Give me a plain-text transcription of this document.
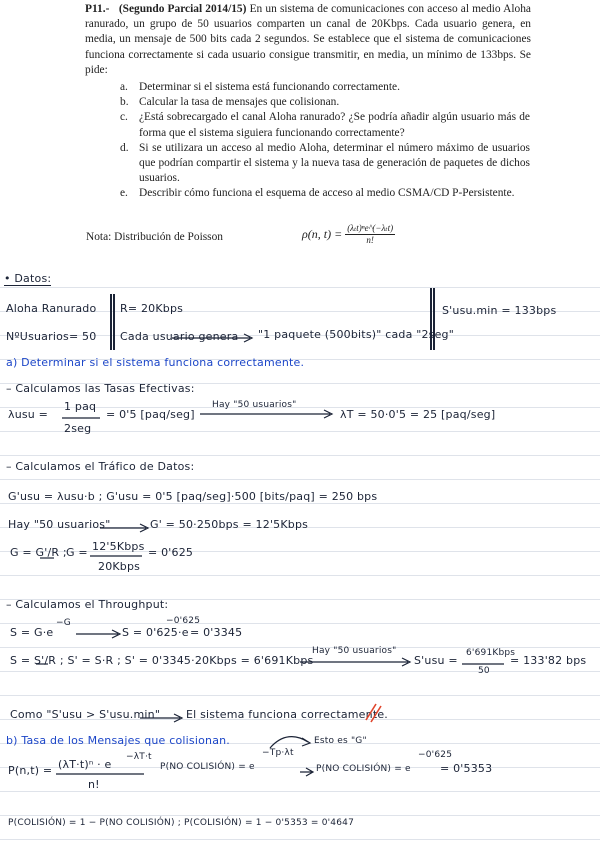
P11.- (Segundo Parcial 2014/15) En un sistema de comunicaciones con acceso al medio Aloha ranurado, un grupo de 50 usuarios comparten un canal de 20Kbps. Cada usuario genera, en media, un mensaje de 500 bits cada 2 segundos. Se establece que el sistema de comunicaciones funciona correctamente si cada usuario consigue transmitir, en media, un mínimo de 133bps. Se pide:
a. Determinar si el sistema está funcionando correctamente.
b. Calcular la tasa de mensajes que colisionan.
c. ¿Está sobrecargado el canal Aloha ranurado? ¿Se podría añadir algún usuario más de forma que el sistema siguiera funcionando correctamente?
d. Si se utilizara un acceso al medio Aloha, determinar el número máximo de usuarios que podrían compartir el sistema y la nueva tasa de generación de paquetes de dichos usuarios.
e. Describir cómo funciona el esquema de acceso al medio CSMA/CD P-Persistente.
Nota: Distribución de Poisson	ρ(n, $t) = \frac{\text{(λₜt)ⁿe\textasciicircum{}(−λₜt)}}{n!}$
• Datos:
Aloha Ranurado
NºUsuarios= 50
R= 20Kbps
Cada usuario genera "1 paquete (500bits)" cada "2seg"
S'usu.min = 133bps
a) Determinar si el sistema funciona correctamente.
– Calculamos las Tasas Efectivas:
λusu =
1 paq
2seg
= 0'5 [paq/seg]
Hay "50 usuarios"
λT = 50·0'5 = 25 [paq/seg]
– Calculamos el Tráfico de Datos:
G'usu = λusu·b ; G'usu = 0'5 [paq/seg]·500 [bits/paq] = 250 bps
Hay "50 usuarios"	G' = 50·250bps = 12'5Kbps
G = G'/R ; G = 12'5Kbps
20Kbps
= 0'625
– Calculamos el Throughput:
S = G·e
−G
S = 0'625·e
−0'625
= 0'3345
S = S'/R ; S' = S·R ; S' = 0'3345·20Kbps = 6'691Kbps
Hay "50 usuarios"
S'usu =
6'691Kbps
50
= 133'82 bps
Como "S'usu > S'usu.min" El sistema funciona correctamente.
b) Tasa de los Mensajes que colisionan.	Esto es "G"
P(n,t) = (λT·t)ⁿ · e
−λT·t
n!
P(NO COLISIÓN) = e
−Tp·λt
P(NO COLISIÓN) = e
−0'625
= 0'5353
P(COLISIÓN) = 1 − P(NO COLISIÓN) ; P(COLISIÓN) = 1 − 0'5353 = 0'4647
